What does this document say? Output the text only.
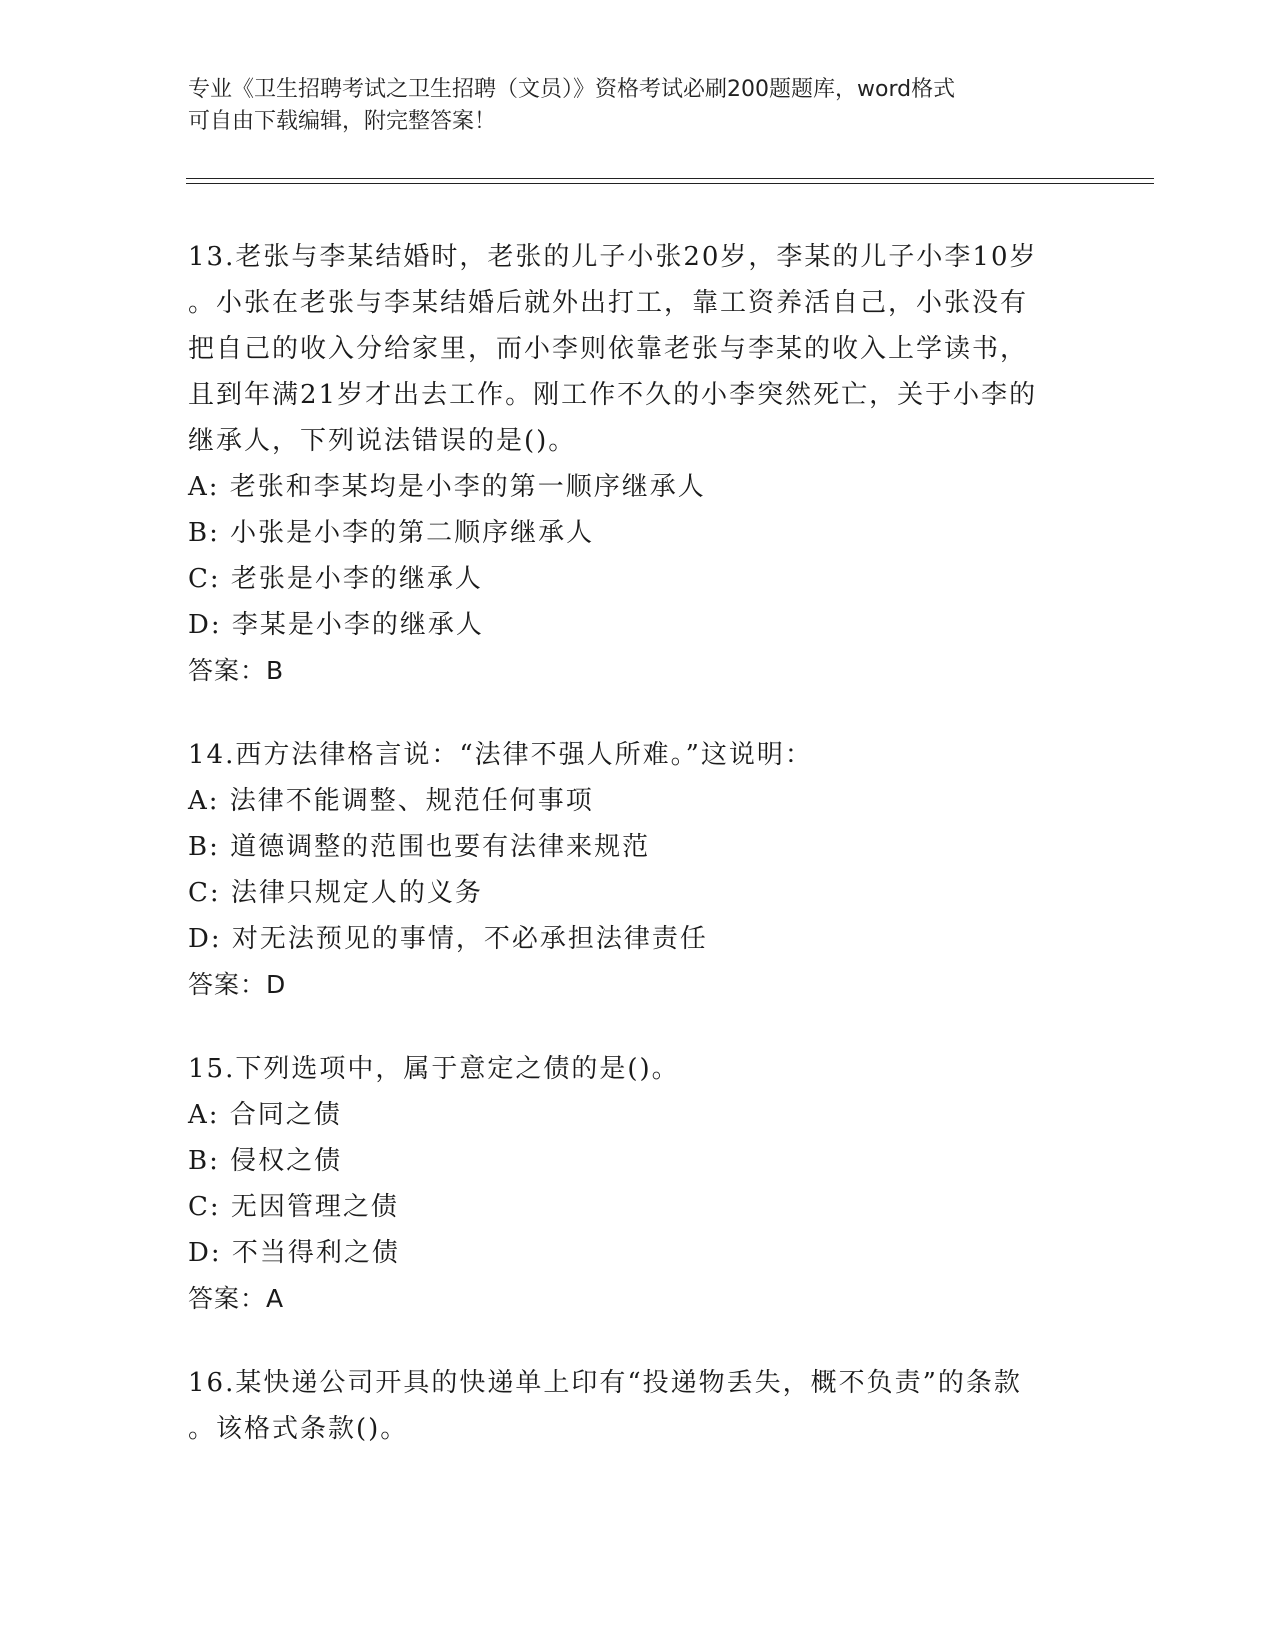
专业《卫生招聘考试之卫生招聘（文员）》资格考试必刷200题题库，word格式
可自由下载编辑，附完整答案！
13.老张与李某结婚时，老张的儿子小张20岁，李某的儿子小李10岁
。小张在老张与李某结婚后就外出打工，靠工资养活自己，小张没有
把自己的收入分给家里，而小李则依靠老张与李某的收入上学读书，
且到年满21岁才出去工作。刚工作不久的小李突然死亡，关于小李的
继承人，下列说法错误的是()。
A: 老张和李某均是小李的第一顺序继承人
B: 小张是小李的第二顺序继承人
C: 老张是小李的继承人
D: 李某是小李的继承人
答案：B
14.西方法律格言说：“法律不强人所难。”这说明：
A: 法律不能调整、规范任何事项
B: 道德调整的范围也要有法律来规范
C: 法律只规定人的义务
D: 对无法预见的事情，不必承担法律责任
答案：D
15.下列选项中，属于意定之债的是()。
A: 合同之债
B: 侵权之债
C: 无因管理之债
D: 不当得利之债
答案：A
16.某快递公司开具的快递单上印有“投递物丢失，概不负责”的条款
。该格式条款()。
